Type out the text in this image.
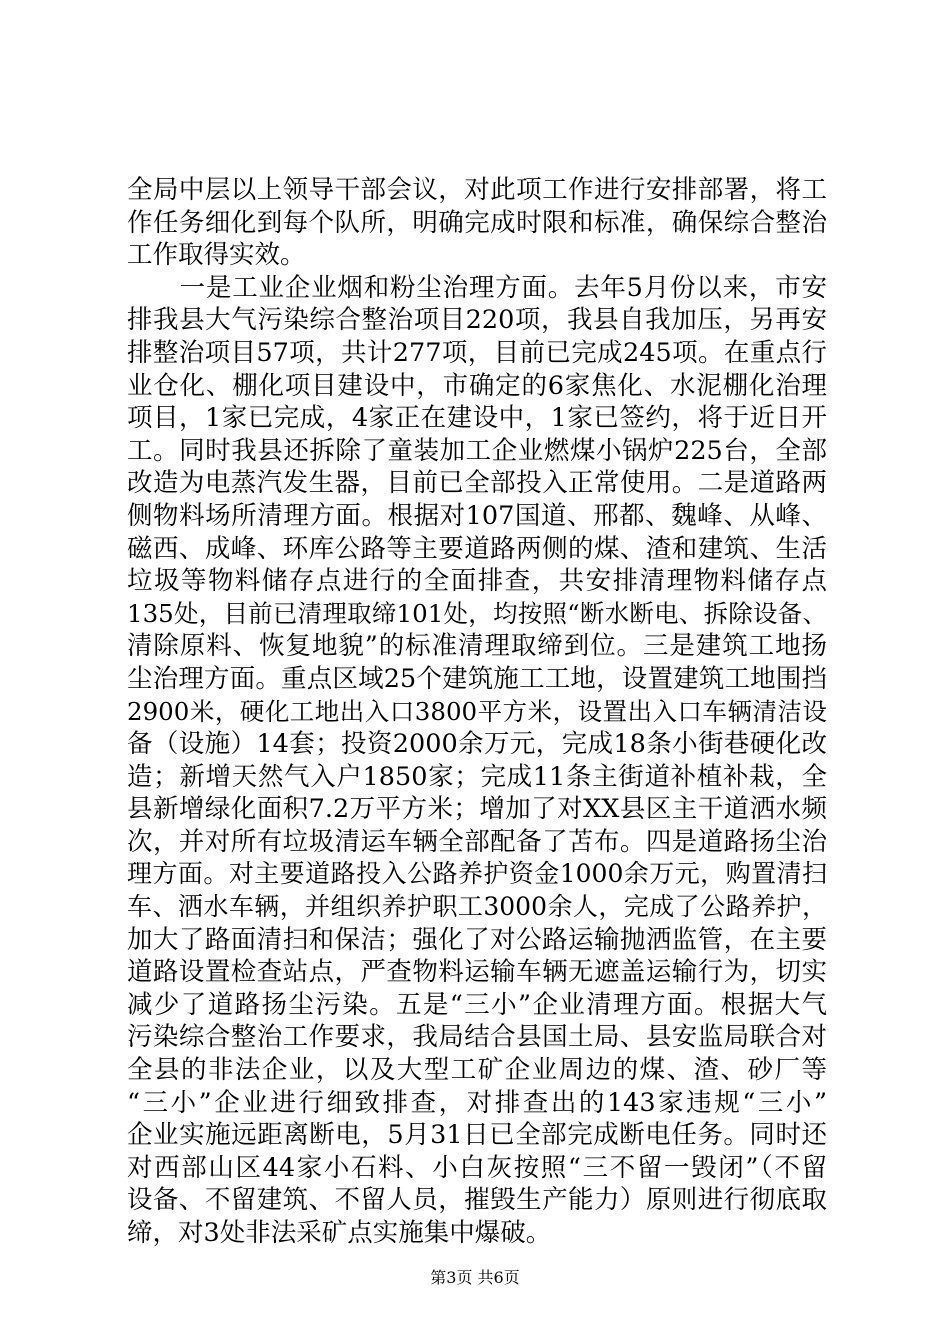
全局中层以上领导干部会议，对此项工作进行安排部署，将工
作任务细化到每个队所，明确完成时限和标准，确保综合整治
工作取得实效。
　　一是工业企业烟和粉尘治理方面。去年5月份以来，市安
排我县大气污染综合整治项目220项，我县自我加压，另再安
排整治项目57项，共计277项，目前已完成245项。在重点行
业仓化、棚化项目建设中，市确定的6家焦化、水泥棚化治理
项目，1家已完成，4家正在建设中，1家已签约，将于近日开
工。同时我县还拆除了童装加工企业燃煤小锅炉225台，全部
改造为电蒸汽发生器，目前已全部投入正常使用。二是道路两
侧物料场所清理方面。根据对107国道、邢都、魏峰、从峰、
磁西、成峰、环库公路等主要道路两侧的煤、渣和建筑、生活
垃圾等物料储存点进行的全面排查，共安排清理物料储存点
135处，目前已清理取缔101处，均按照“断水断电、拆除设备、
清除原料、恢复地貌”的标准清理取缔到位。三是建筑工地扬
尘治理方面。重点区域25个建筑施工工地，设置建筑工地围挡
2900米，硬化工地出入口3800平方米，设置出入口车辆清洁设
备（设施）14套；投资2000余万元，完成18条小街巷硬化改
造；新增天然气入户1850家；完成11条主街道补植补栽，全
县新增绿化面积7.2万平方米；增加了对XX县区主干道洒水频
次，并对所有垃圾清运车辆全部配备了苫布。四是道路扬尘治
理方面。对主要道路投入公路养护资金1000余万元，购置清扫
车、洒水车辆，并组织养护职工3000余人，完成了公路养护，
加大了路面清扫和保洁；强化了对公路运输抛洒监管，在主要
道路设置检查站点，严查物料运输车辆无遮盖运输行为，切实
减少了道路扬尘污染。五是“三小”企业清理方面。根据大气
污染综合整治工作要求，我局结合县国土局、县安监局联合对
全县的非法企业，以及大型工矿企业周边的煤、渣、砂厂等
“三小”企业进行细致排查，对排查出的143家违规“三小”
企业实施远距离断电，5月31日已全部完成断电任务。同时还
对西部山区44家小石料、小白灰按照“三不留一毁闭”（不留
设备、不留建筑、不留人员，摧毁生产能力）原则进行彻底取
缔，对3处非法采矿点实施集中爆破。
第3页 共6页
